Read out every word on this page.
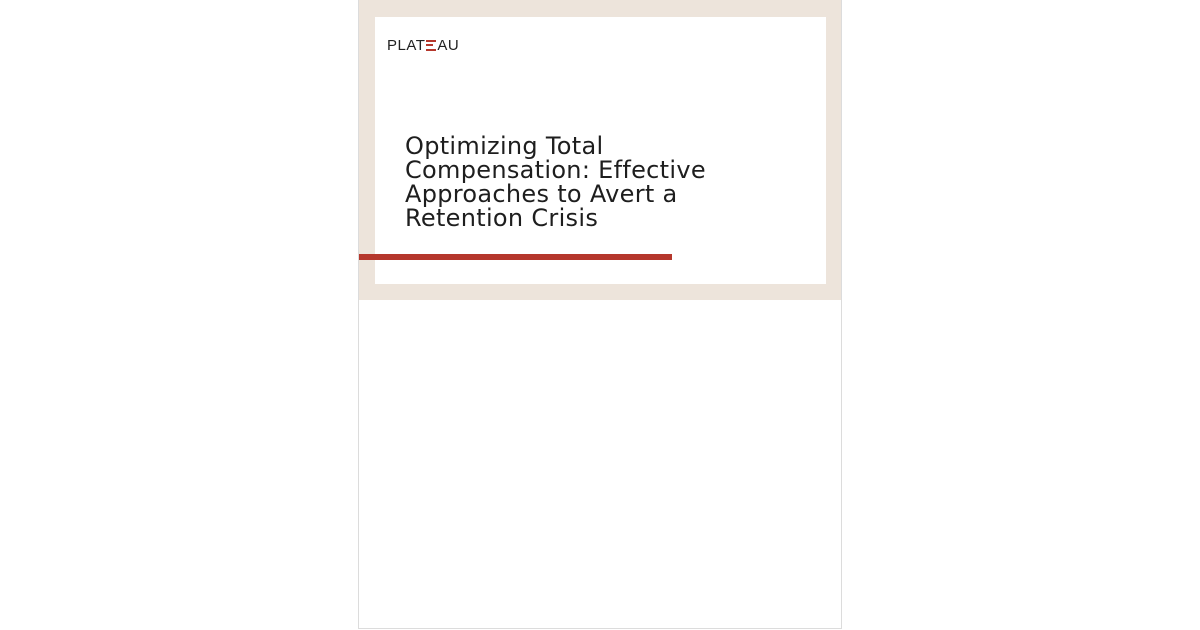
PLAT AU
Optimizing Total
Compensation: Effective
Approaches to Avert a
Retention Crisis
